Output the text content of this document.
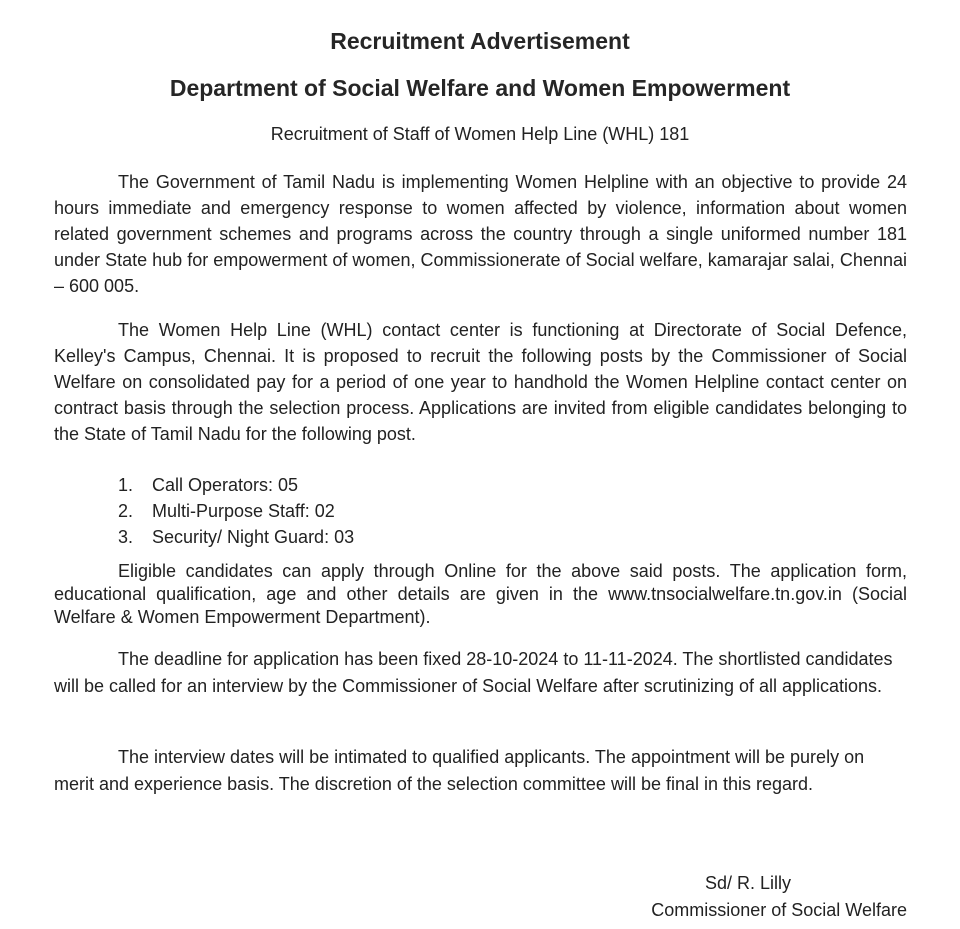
Recruitment Advertisement
Department of Social Welfare and Women Empowerment
Recruitment of Staff of Women Help Line (WHL) 181

The Government of Tamil Nadu is implementing Women Helpline with an objective to provide 24 hours immediate and emergency response to women affected by violence, information about women related government schemes and programs across the country through a single uniformed number 181 under State hub for empowerment of women, Commissionerate of Social welfare, kamarajar salai, Chennai – 600 005.

The Women Help Line (WHL) contact center is functioning at Directorate of Social Defence, Kelley's Campus, Chennai. It is proposed to recruit the following posts by the Commissioner of Social Welfare on consolidated pay for a period of one year to handhold the Women Helpline contact center on contract basis through the selection process. Applications are invited from eligible candidates belonging to the State of Tamil Nadu for the following post.

1.	Call Operators: 05
2.	Multi-Purpose Staff: 02
3.	Security/ Night Guard: 03

Eligible candidates can apply through Online for the above said posts. The application form, educational qualification, age and other details are given in the www.tnsocialwelfare.tn.gov.in (Social Welfare & Women Empowerment Department).

The deadline for application has been fixed 28-10-2024 to 11-11-2024. The shortlisted candidates will be called for an interview by the Commissioner of Social Welfare after scrutinizing of all applications.

The interview dates will be intimated to qualified applicants. The appointment will be purely on merit and experience basis. The discretion of the selection committee will be final in this regard.

Sd/ R. Lilly
Commissioner of Social Welfare
